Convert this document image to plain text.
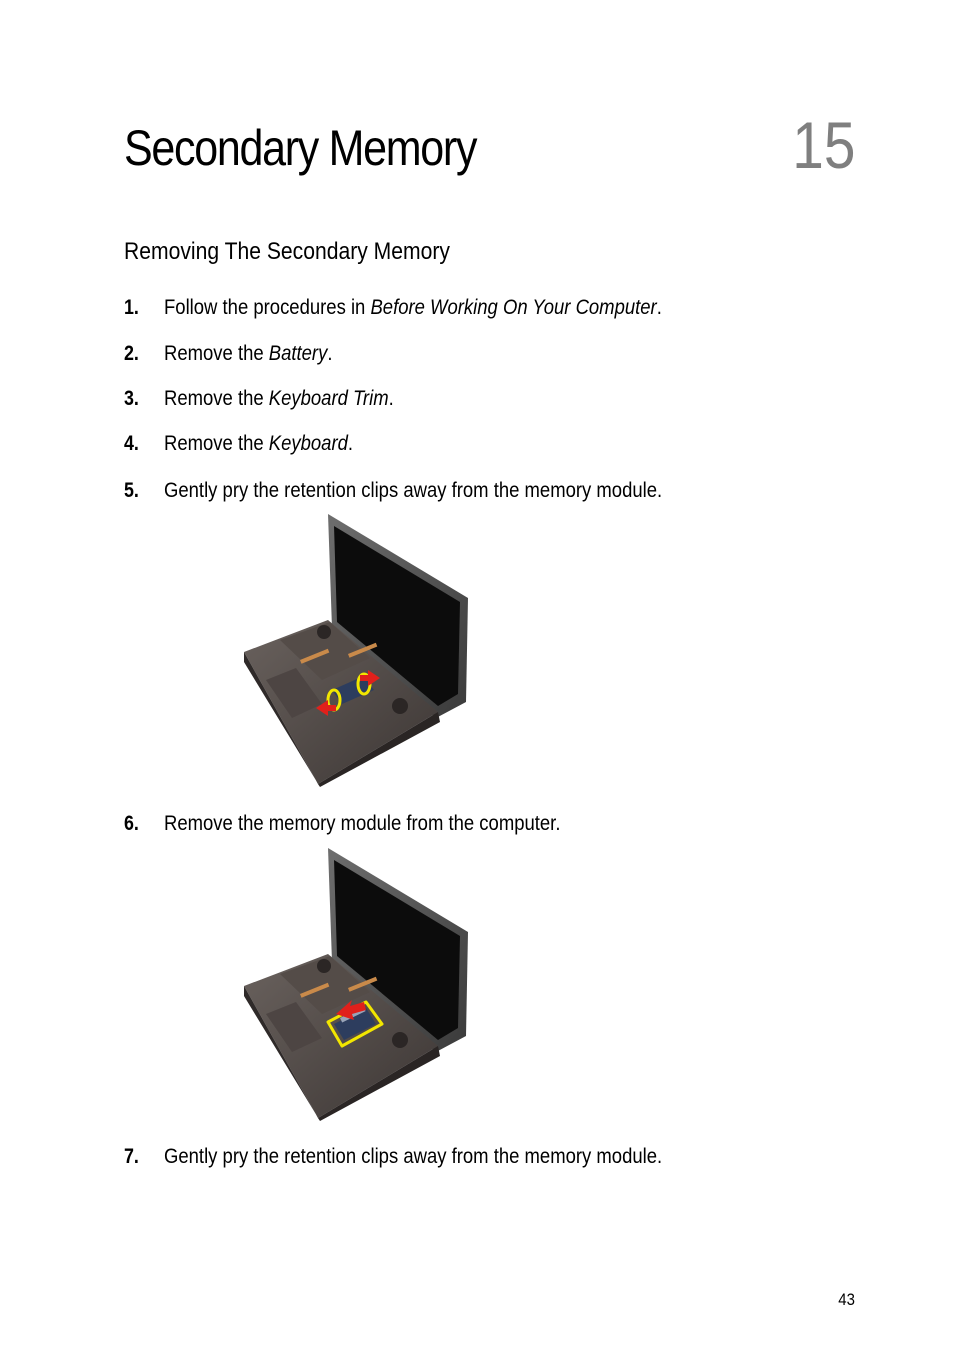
Secondary Memory	15
Removing The Secondary Memory
1. Follow the procedures in Before Working On Your Computer.
2. Remove the Battery.
3. Remove the Keyboard Trim.
4. Remove the Keyboard.
5. Gently pry the retention clips away from the memory module.
6. Remove the memory module from the computer.
7. Gently pry the retention clips away from the memory module.
43
